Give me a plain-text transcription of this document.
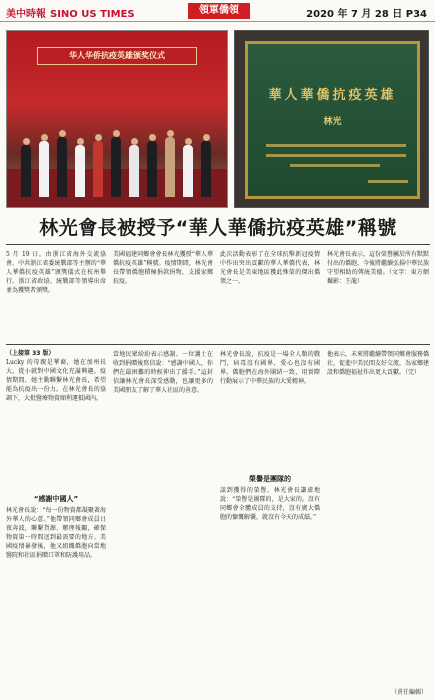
美中時報 SINO US TIMES	領軍僑領	2020 年 7 月 28 日 P34
华人华侨抗疫英雄颁奖仪式
華人華僑抗疫英雄
林光
林光會長被授予“華人華僑抗疫英雄”稱號
5 月 19 日，由浙江省海外交流協會、中共浙江省委統戰部等主辦的“華人華僑抗疫英雄”頒獎儀式在杭州舉行。浙江省政協、統戰部等領導出席並為獲獎者頒獎。
美國福建同鄉會會長林光獲授“華人華僑抗疫英雄”稱號。疫情期間，林光會長帶領僑胞積極捐款捐物，支援家鄉抗疫。
此次活動表彰了在全球抗擊新冠疫情中作出突出貢獻的華人華僑代表，林光會長是美東地區獲此殊榮的傑出僑領之一。
林光會長表示，這份榮譽屬於所有默默付出的僑胞，今後將繼續弘揚中華民族守望相助的傳統美德。（文字：東方網 攝影：王龍）
（上接第 33 版）
Lucky 的母親是華裔，她在加州長大，從小就對中國文化充滿興趣。疫情期間，她主動聯繫林光會長，希望能為抗疫出一份力。在林光會長的協調下，大批醫療物資順利運抵國內。
“感謝中國人”
林光會長說：“每一份物資都凝聚著海外華人的心意。”他帶領同鄉會成員日夜奔波，聯繫貨源、辦理報關，確保物資第一時間送到最需要的地方。美國疫情暴發後，他又組織僑胞向當地醫院和社區捐贈口罩和防護用品。
當地民眾紛紛表示感謝。一位護士在收到捐贈後寫信說：“感謝中國人，你們在最困難的時候伸出了援手。”這封信讓林光會長深受感動，也讓更多的美國朋友了解了華人社區的善意。
林光會長說，抗疫是一場全人類的戰鬥，病毒沒有國界，愛心也沒有國界。僑胞們在海外團結一致，用實際行動展示了中華民族的大愛精神。
榮譽是團隊的
談到獲得的榮譽，林光會長謙虛地說：“榮譽是團隊的，是大家的。沒有同鄉會全體成員的支持，沒有廣大僑胞的慷慨解囊，就沒有今天的成績。”
他表示，未來將繼續帶領同鄉會服務僑社，促進中美民間友好交流，為家鄉建設和僑胞福祉作出更大貢獻。（完）
（責任編輯）
